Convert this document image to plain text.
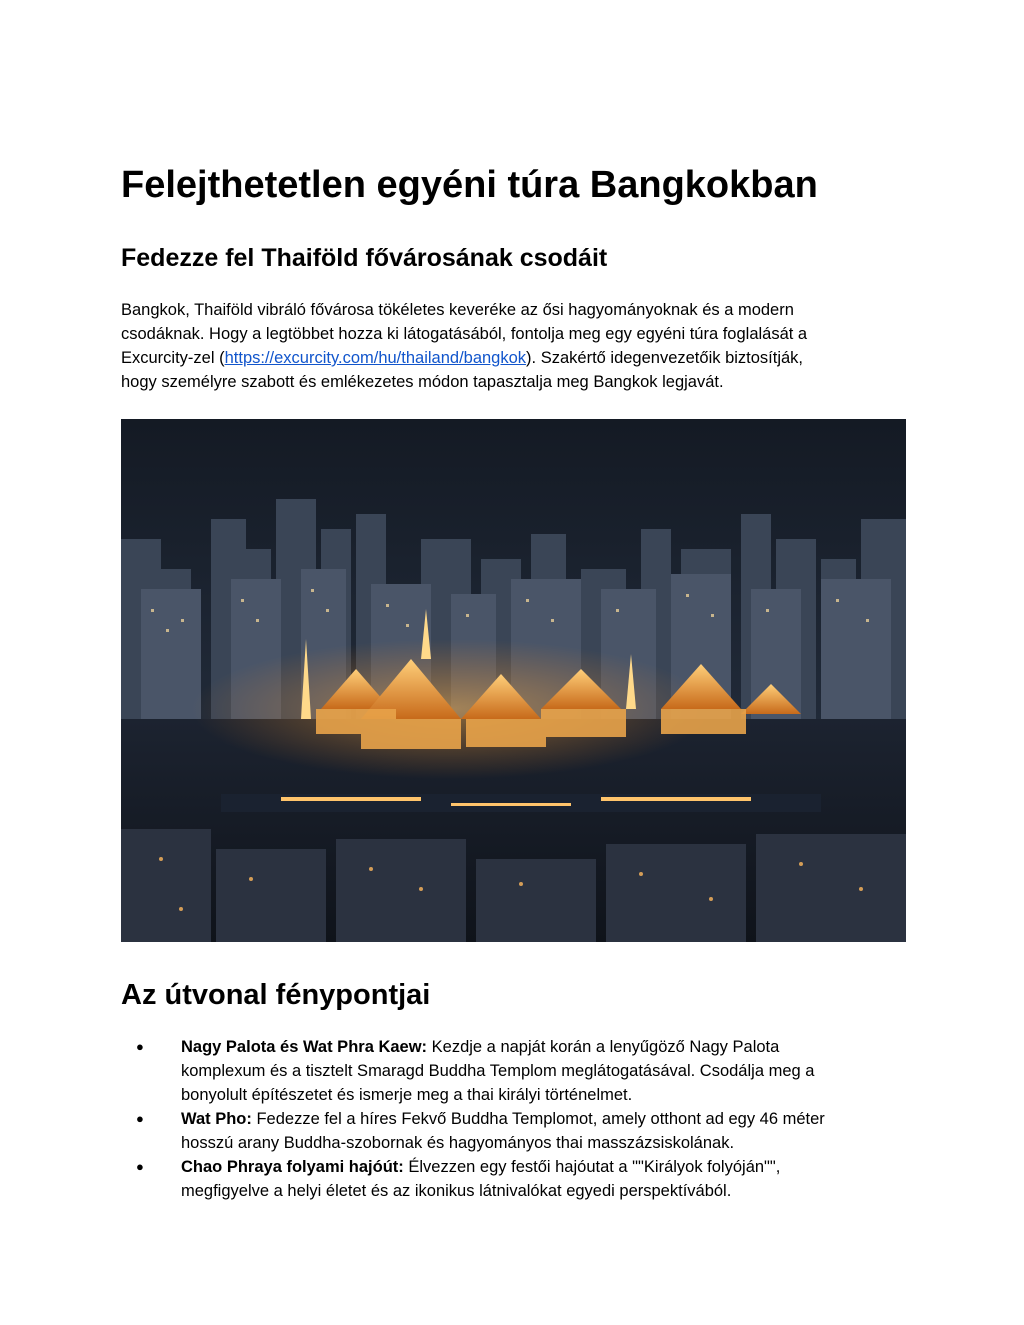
Felejthetetlen egyéni túra Bangkokban
Fedezze fel Thaiföld fővárosának csodáit

Bangkok, Thaiföld vibráló fővárosa tökéletes keveréke az ősi hagyományoknak és a modern
csodáknak. Hogy a legtöbbet hozza ki látogatásából, fontolja meg egy egyéni túra foglalását a
Excurcity-zel (https://excurcity.com/hu/thailand/bangkok). Szakértő idegenvezetőik biztosítják,
hogy személyre szabott és emlékezetes módon tapasztalja meg Bangkok legjavát.

Az útvonal fénypontjai
● Nagy Palota és Wat Phra Kaew: Kezdje a napját korán a lenyűgöző Nagy Palota
komplexum és a tisztelt Smaragd Buddha Templom meglátogatásával. Csodálja meg a
bonyolult építészetet és ismerje meg a thai királyi történelmet.
● Wat Pho: Fedezze fel a híres Fekvő Buddha Templomot, amely otthont ad egy 46 méter
hosszú arany Buddha-szobornak és hagyományos thai masszázsiskolának.
● Chao Phraya folyami hajóút: Élvezzen egy festői hajóutat a ""Királyok folyóján"",
megfigyelve a helyi életet és az ikonikus látnivalókat egyedi perspektívából.
